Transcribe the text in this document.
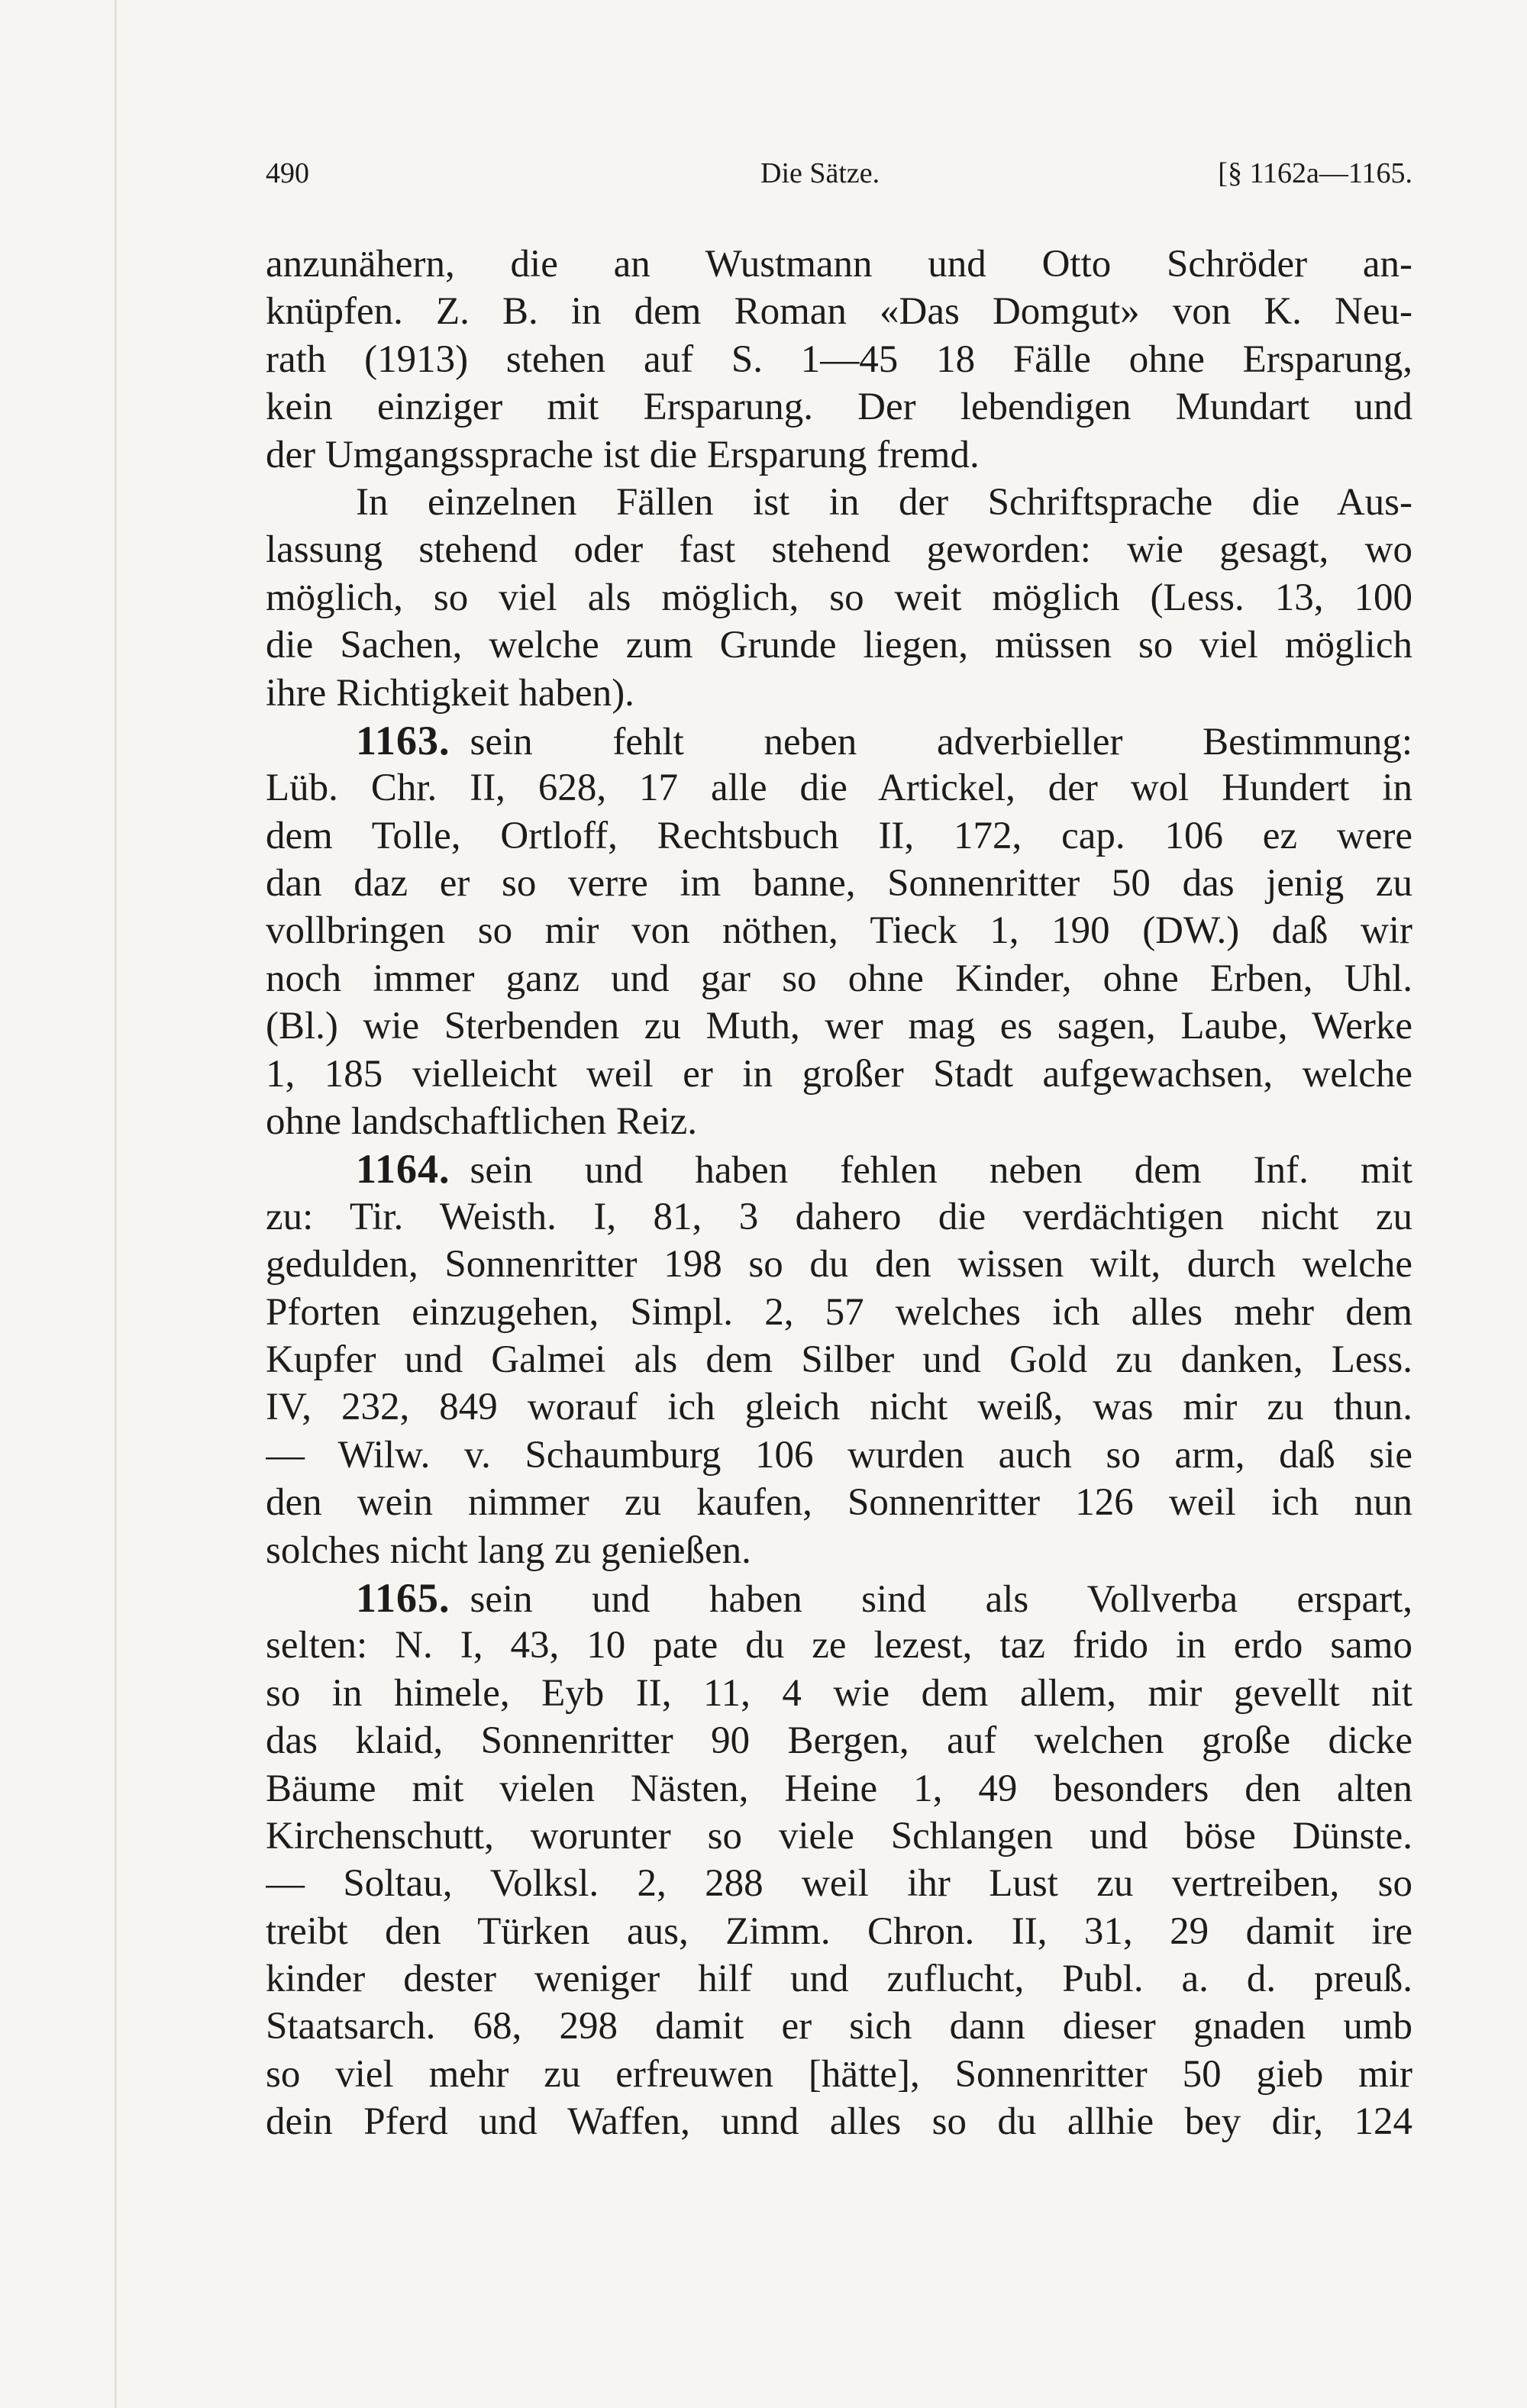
490	Die Sätze.	[§ 1162a—1165.
anzunähern, die an Wustmann und Otto Schröder an-
knüpfen. Z. B. in dem Roman «Das Domgut» von K. Neu-
rath (1913) stehen auf S. 1—45 18 Fälle ohne Ersparung,
kein einziger mit Ersparung. Der lebendigen Mundart und
der Umgangssprache ist die Ersparung fremd.
In einzelnen Fällen ist in der Schriftsprache die Aus-
lassung stehend oder fast stehend geworden: wie gesagt, wo
möglich, so viel als möglich, so weit möglich (Less. 13, 100
die Sachen, welche zum Grunde liegen, müssen so viel möglich
ihre Richtigkeit haben).
1163. sein fehlt neben adverbieller Bestimmung:
Lüb. Chr. II, 628, 17 alle die Artickel, der wol Hundert in
dem Tolle, Ortloff, Rechtsbuch II, 172, cap. 106 ez were
dan daz er so verre im banne, Sonnenritter 50 das jenig zu
vollbringen so mir von nöthen, Tieck 1, 190 (DW.) daß wir
noch immer ganz und gar so ohne Kinder, ohne Erben, Uhl.
(Bl.) wie Sterbenden zu Muth, wer mag es sagen, Laube, Werke
1, 185 vielleicht weil er in großer Stadt aufgewachsen, welche
ohne landschaftlichen Reiz.
1164. sein und haben fehlen neben dem Inf. mit
zu: Tir. Weisth. I, 81, 3 dahero die verdächtigen nicht zu
gedulden, Sonnenritter 198 so du den wissen wilt, durch welche
Pforten einzugehen, Simpl. 2, 57 welches ich alles mehr dem
Kupfer und Galmei als dem Silber und Gold zu danken, Less.
IV, 232, 849 worauf ich gleich nicht weiß, was mir zu thun.
— Wilw. v. Schaumburg 106 wurden auch so arm, daß sie
den wein nimmer zu kaufen, Sonnenritter 126 weil ich nun
solches nicht lang zu genießen.
1165. sein und haben sind als Vollverba erspart,
selten: N. I, 43, 10 pate du ze lezest, taz frido in erdo samo
so in himele, Eyb II, 11, 4 wie dem allem, mir gevellt nit
das klaid, Sonnenritter 90 Bergen, auf welchen große dicke
Bäume mit vielen Nästen, Heine 1, 49 besonders den alten
Kirchenschutt, worunter so viele Schlangen und böse Dünste.
— Soltau, Volksl. 2, 288 weil ihr Lust zu vertreiben, so
treibt den Türken aus, Zimm. Chron. II, 31, 29 damit ire
kinder dester weniger hilf und zuflucht, Publ. a. d. preuß.
Staatsarch. 68, 298 damit er sich dann dieser gnaden umb
so viel mehr zu erfreuwen [hätte], Sonnenritter 50 gieb mir
dein Pferd und Waffen, unnd alles so du allhie bey dir, 124
